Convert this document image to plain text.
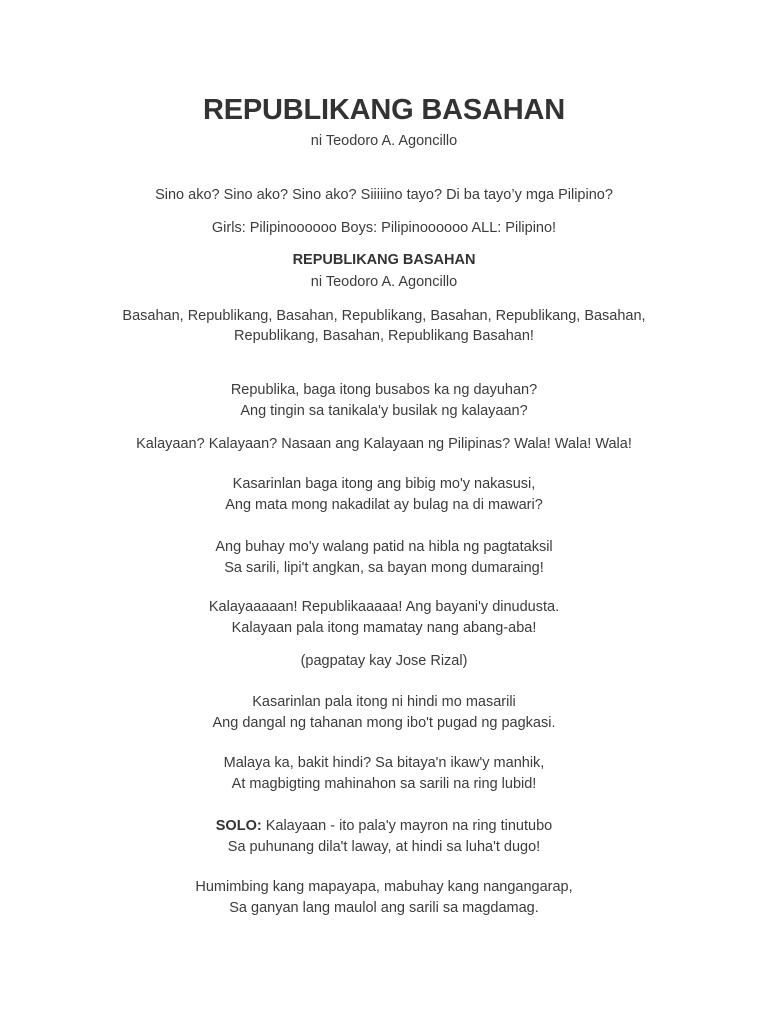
REPUBLIKANG BASAHAN
ni Teodoro A. Agoncillo
Sino ako? Sino ako? Sino ako? Siiiiino tayo? Di ba tayo’y mga Pilipino?
Girls: Pilipinoooooo Boys: Pilipinoooooo ALL: Pilipino!
REPUBLIKANG BASAHAN
ni Teodoro A. Agoncillo
Basahan, Republikang, Basahan, Republikang, Basahan, Republikang, Basahan,
Republikang, Basahan, Republikang Basahan!
Republika, baga itong busabos ka ng dayuhan?
Ang tingin sa tanikala'y busilak ng kalayaan?
Kalayaan? Kalayaan? Nasaan ang Kalayaan ng Pilipinas? Wala! Wala! Wala!
Kasarinlan baga itong ang bibig mo'y nakasusi,
Ang mata mong nakadilat ay bulag na di mawari?
Ang buhay mo'y walang patid na hibla ng pagtataksil
Sa sarili, lipi't angkan, sa bayan mong dumaraing!
Kalayaaaaan! Republikaaaaa! Ang bayani'y dinudusta.
Kalayaan pala itong mamatay nang abang-aba!
(pagpatay kay Jose Rizal)
Kasarinlan pala itong ni hindi mo masarili
Ang dangal ng tahanan mong ibo't pugad ng pagkasi.
Malaya ka, bakit hindi? Sa bitaya'n ikaw'y manhik,
At magbigting mahinahon sa sarili na ring lubid!
SOLO: Kalayaan - ito pala'y mayron na ring tinutubo
Sa puhunang dila't laway, at hindi sa luha't dugo!
Humimbing kang mapayapa, mabuhay kang nangangarap,
Sa ganyan lang maulol ang sarili sa magdamag.
